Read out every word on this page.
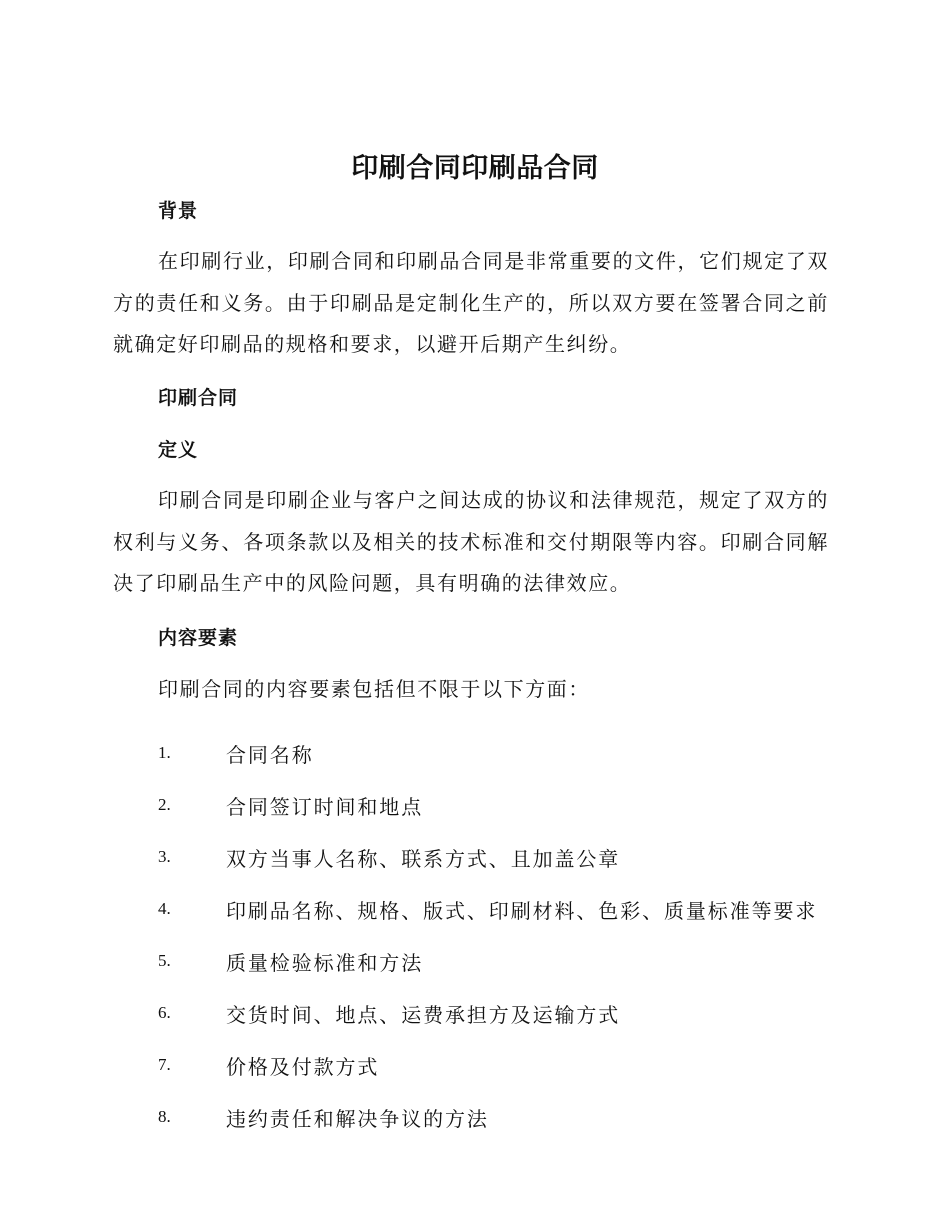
印刷合同印刷品合同
背景

在印刷行业，印刷合同和印刷品合同是非常重要的文件，它们规定了双方的责任和义务。由于印刷品是定制化生产的，所以双方要在签署合同之前就确定好印刷品的规格和要求，以避开后期产生纠纷。

印刷合同
定义

印刷合同是印刷企业与客户之间达成的协议和法律规范，规定了双方的权利与义务、各项条款以及相关的技术标准和交付期限等内容。印刷合同解决了印刷品生产中的风险问题，具有明确的法律效应。

内容要素
印刷合同的内容要素包括但不限于以下方面：
1.	合同名称
2.	合同签订时间和地点
3.	双方当事人名称、联系方式、且加盖公章
4.	印刷品名称、规格、版式、印刷材料、色彩、质量标准等要求
5.	质量检验标准和方法
6.	交货时间、地点、运费承担方及运输方式
7.	价格及付款方式
8.	违约责任和解决争议的方法
